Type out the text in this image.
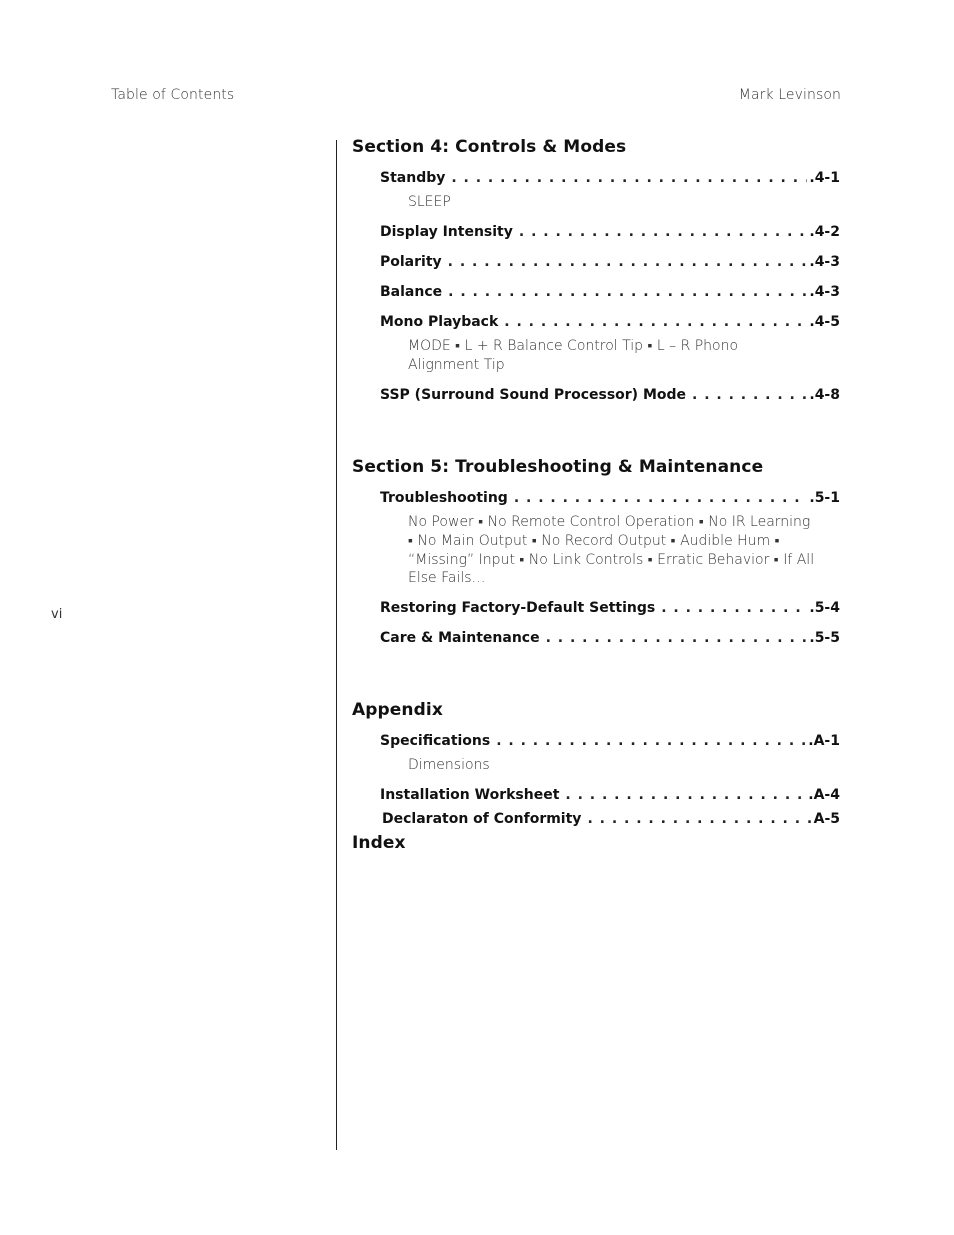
Table of Contents	Mark Levinson
vi
Section 4: Controls & Modes
Standby . . .	.4-1
SLEEP
Display Intensity . . .	.4-2
Polarity . . .	.4-3
Balance . . .	.4-3
Mono Playback . . .	.4-5
MODE ▪ L + R Balance Control Tip ▪ L – R Phono Alignment Tip
SSP (Surround Sound Processor) Mode . . .	.4-8
Section 5: Troubleshooting & Maintenance
Troubleshooting . . .	.5-1
No Power ▪ No Remote Control Operation ▪ No IR Learning ▪ No Main Output ▪ No Record Output ▪ Audible Hum ▪ “Missing” Input ▪ No Link Controls ▪ Erratic Behavior ▪ If All Else Fails…
Restoring Factory-Default Settings . . .	.5-4
Care & Maintenance . . .	.5-5
Appendix
Specifications . . .	.A-1
Dimensions
Installation Worksheet . . .	.A-4
Declaraton of Conformity . . .	A-5
Index
